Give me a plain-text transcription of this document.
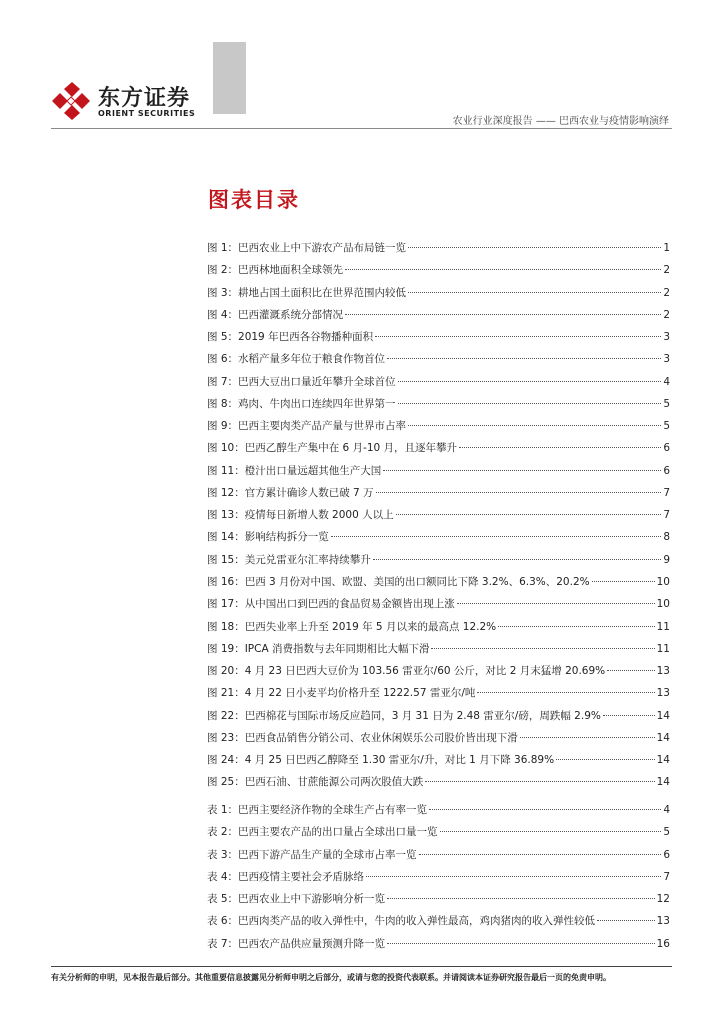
东方证券
ORIENT SECURITIES
农业行业深度报告 —— 巴西农业与疫情影响演绎
图表目录
图 1：巴西农业上中下游农产品布局链一览	1
图 2：巴西林地面积全球领先	2
图 3：耕地占国土面积比在世界范围内较低	2
图 4：巴西灌溉系统分部情况	2
图 5：2019 年巴西各谷物播种面积	3
图 6：水稻产量多年位于粮食作物首位	3
图 7：巴西大豆出口量近年攀升全球首位	4
图 8：鸡肉、牛肉出口连续四年世界第一	5
图 9：巴西主要肉类产品产量与世界市占率	5
图 10：巴西乙醇生产集中在 6 月-10 月，且逐年攀升	6
图 11：橙汁出口量远超其他生产大国	6
图 12：官方累计确诊人数已破 7 万	7
图 13：疫情每日新增人数 2000 人以上	7
图 14：影响结构拆分一览	8
图 15：美元兑雷亚尔汇率持续攀升	9
图 16：巴西 3 月份对中国、欧盟、美国的出口额同比下降 3.2%、6.3%、20.2%	10
图 17：从中国出口到巴西的食品贸易金额皆出现上涨	10
图 18：巴西失业率上升至 2019 年 5 月以来的最高点 12.2%	11
图 19：IPCA 消费指数与去年同期相比大幅下滑	11
图 20：4 月 23 日巴西大豆价为 103.56 雷亚尔/60 公斤，对比 2 月末猛增 20.69%	13
图 21：4 月 22 日小麦平均价格升至 1222.57 雷亚尔/吨	13
图 22：巴西棉花与国际市场反应趋同，3 月 31 日为 2.48 雷亚尔/磅，周跌幅 2.9%	14
图 23：巴西食品销售分销公司、农业休闲娱乐公司股价皆出现下滑	14
图 24：4 月 25 日巴西乙醇降至 1.30 雷亚尔/升，对比 1 月下降 36.89%	14
图 25：巴西石油、甘蔗能源公司两次股值大跌	14
表 1：巴西主要经济作物的全球生产占有率一览	4
表 2：巴西主要农产品的出口量占全球出口量一览	5
表 3：巴西下游产品生产量的全球市占率一览	6
表 4：巴西疫情主要社会矛盾脉络	7
表 5：巴西农业上中下游影响分析一览	12
表 6：巴西肉类产品的收入弹性中，牛肉的收入弹性最高，鸡肉猪肉的收入弹性较低	13
表 7：巴西农产品供应量预测升降一览	16
有关分析师的申明，见本报告最后部分。其他重要信息披露见分析师申明之后部分，或请与您的投资代表联系。并请阅读本证券研究报告最后一页的免责申明。
